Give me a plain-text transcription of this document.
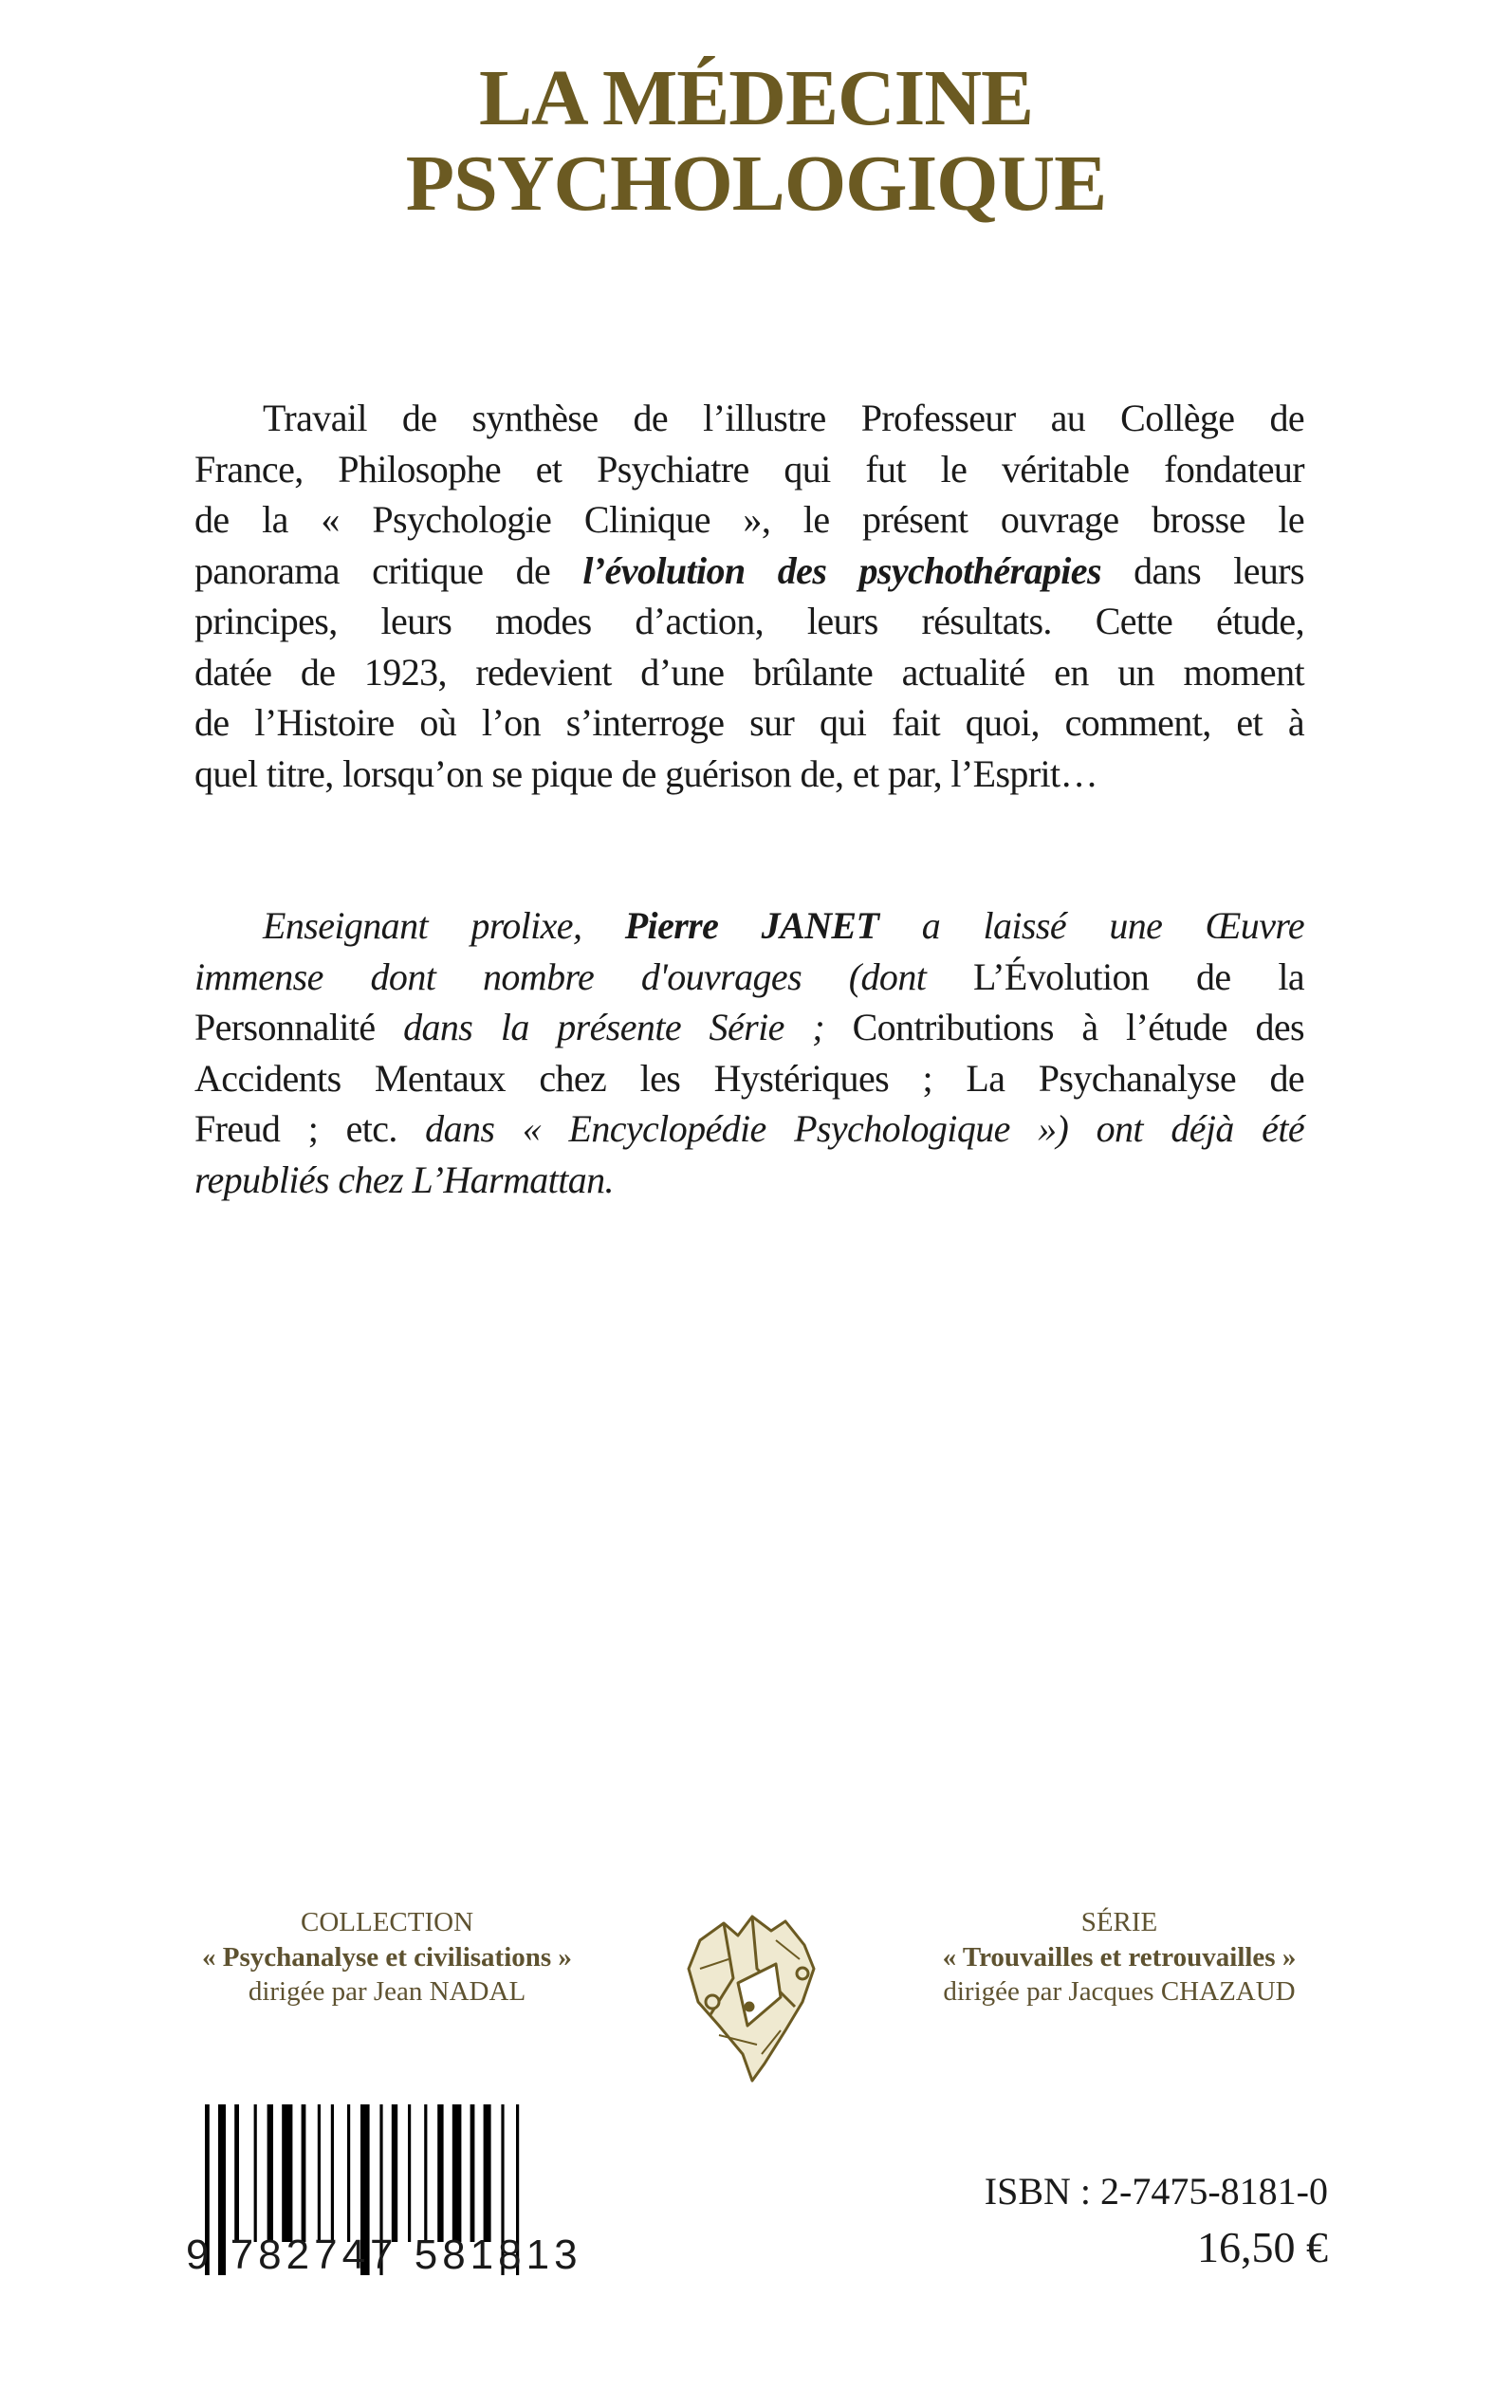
LA MÉDECINE
PSYCHOLOGIQUE
Travail de synthèse de l’illustre Professeur au Collège de
France, Philosophe et Psychiatre qui fut le véritable fondateur
de la « Psychologie Clinique », le présent ouvrage brosse le
panorama critique de l’évolution des psychothérapies dans leurs
principes, leurs modes d’action, leurs résultats. Cette étude,
datée de 1923, redevient d’une brûlante actualité en un moment
de l’Histoire où l’on s’interroge sur qui fait quoi, comment, et à
quel titre, lorsqu’on se pique de guérison de, et par, l’Esprit…
Enseignant prolixe, Pierre JANET a laissé une Œuvre
immense dont nombre d'ouvrages (dont L’Évolution de la
Personnalité dans la présente Série ; Contributions à l’étude des
Accidents Mentaux chez les Hystériques ; La Psychanalyse de
Freud ; etc. dans « Encyclopédie Psychologique ») ont déjà été
republiés chez L’Harmattan.
COLLECTION
« Psychanalyse et civilisations »
dirigée par Jean NADAL
SÉRIE
« Trouvailles et retrouvailles »
dirigée par Jacques CHAZAUD
9 782747 581813
ISBN : 2-7475-8181-0
16,50 €
